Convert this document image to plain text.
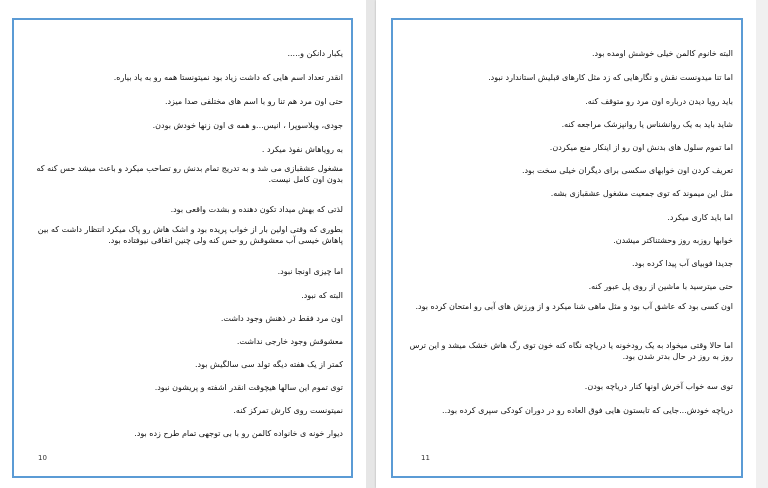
یکبار دانکن و.....
انقدر تعداد اسم هایی که داشت زیاد بود نمیتونستا همه رو به یاد بیاره.
حتی اون مرد هم تنا رو با اسم های مختلفی صدا میزد.
جودی، ویلاسوپرا ، انیس...و همه ی اون زنها خودش بودن.
به رویاهاش نفوذ میکرد .
مشغول عشقبازی می شد و به تدریج تمام بدنش رو تصاحب میکرد و باعث میشد حس کنه که بدون اون کامل نیست.
لذتی که بهش میداد تکون دهنده و بشدت واقعی بود.
بطوری که وقتی اولین بار از خواب پریده بود و اشک هاش رو پاک میکرد انتظار داشت که بین پاهاش خیسی آب معشوقش رو حس کنه ولی چنین اتفاقی نیوفتاده بود.
اما چیزی اونجا نبود.
البته که نبود.
اون مرد فقط در ذهنش وجود داشت.
معشوقش وجود خارجی نداشت.
کمتر از یک هفته دیگه تولد سی سالگیش بود.
توی تموم این سالها هیچوقت انقدر اشفته و پریشون نبود.
نمیتونست روی کارش تمرکز کنه.
دیوار خونه ی خانواده کالمن رو با بی توجهی تمام طرح زده بود.
10
البته خانوم کالمن خیلی خوشش اومده بود.
اما تنا میدونست نقش و نگارهایی که زد مثل کارهای قبلیش استاندارد نبود.
باید رویا دیدن درباره اون مرد رو متوقف کنه.
شاید باید به یک روانشناس یا روانپزشک مراجعه کنه.
اما تموم سلول های بدنش اون رو از اینکار منع میکردن.
تعریف کردن اون خوابهای سکسی برای دیگران خیلی سخت بود.
مثل این میموند که توی جمعیت مشغول عشقبازی بشه.
اما باید کاری میکرد.
خوابها روزبه روز وحشتناکتر میشدن.
جدیدا فوبیای آب پیدا کرده بود.
حتی میترسید با ماشین از روی پل عبور کنه.
اون کسی بود که عاشق آب بود و مثل ماهی شنا میکرد و از ورزش های آبی رو امتحان کرده بود.
اما حالا وقتی میخواد به یک رودخونه یا دریاچه نگاه کنه خون توی رگ هاش خشک میشد و این ترس روز به روز در حال بدتر شدن بود.
توی سه خواب آخرش اونها کنار دریاچه بودن.
دریاچه خودش...جایی که تابستون هایی فوق العاده رو در دوران کودکی سپری کرده بود..
11
